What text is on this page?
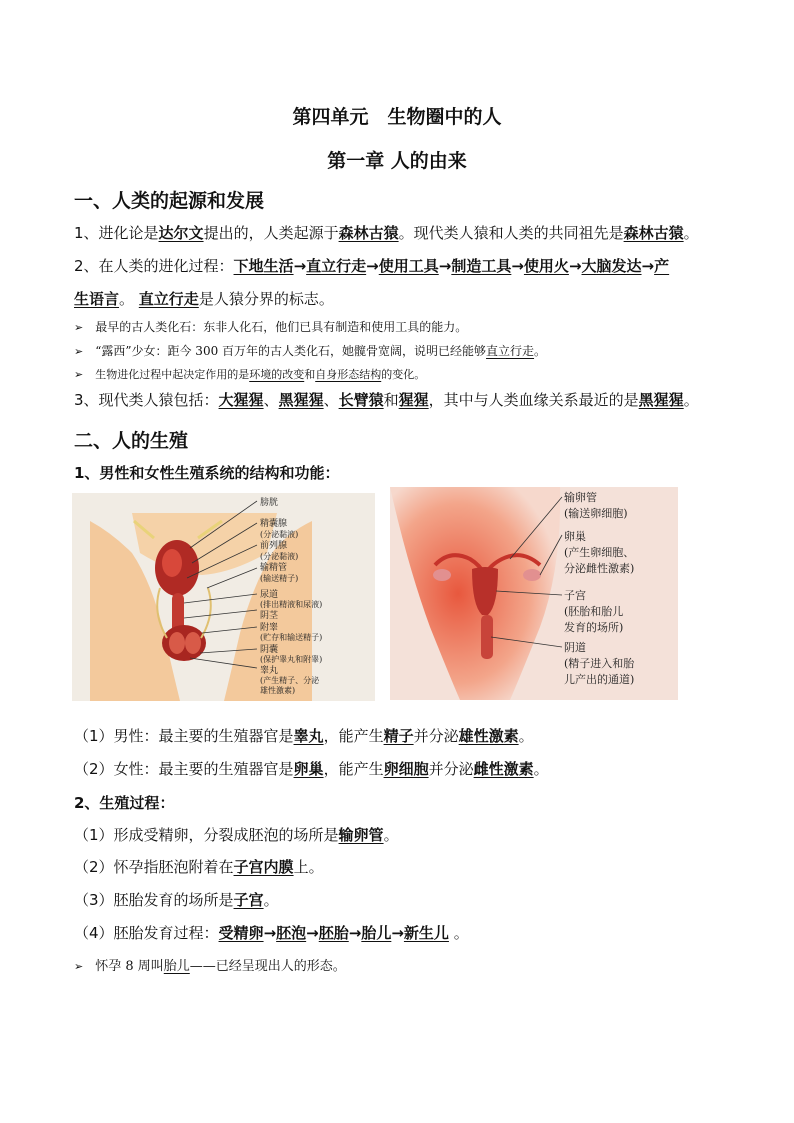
第四单元　生物圈中的人
第一章 人的由来
一、人类的起源和发展
1、进化论是达尔文提出的，人类起源于森林古猿。现代类人猿和人类的共同祖先是森林古猿。
2、在人类的进化过程：下地生活→直立行走→使用工具→制造工具→使用火→大脑发达→产
生语言。 直立行走是人猿分界的标志。
➢ 最早的古人类化石：东非人化石，他们已具有制造和使用工具的能力。
➢ “露西”少女：距今 300 百万年的古人类化石，她髋骨宽阔，说明已经能够直立行走。
➢ 生物进化过程中起决定作用的是环境的改变和自身形态结构的变化。
3、现代类人猿包括：大猩猩、黑猩猩、长臂猿和猩猩，其中与人类血缘关系最近的是黑猩猩。
二、人的生殖
1、男性和女性生殖系统的结构和功能：
膀胱
精囊腺
(分泌黏液)
前列腺
(分泌黏液)
输精管
(输送精子)
尿道
(排出精液和尿液)
阴茎
附睾
(贮存和输送精子)
阴囊
(保护睾丸和附睾)
睾丸
(产生精子、分泌
雄性激素)
输卵管
(输送卵细胞)
卵巢
(产生卵细胞、
分泌雌性激素)
子宫
(胚胎和胎儿
发育的场所)
阴道
(精子进入和胎
儿产出的通道)
（1）男性：最主要的生殖器官是睾丸，能产生精子并分泌雄性激素。
（2）女性：最主要的生殖器官是卵巢，能产生卵细胞并分泌雌性激素。
2、生殖过程：
（1）形成受精卵，分裂成胚泡的场所是输卵管。
（2）怀孕指胚泡附着在子宫内膜上。
（3）胚胎发育的场所是子宫。
（4）胚胎发育过程：受精卵→胚泡→胚胎→胎儿→新生儿 。
➢ 怀孕 8 周叫胎儿——已经呈现出人的形态。
